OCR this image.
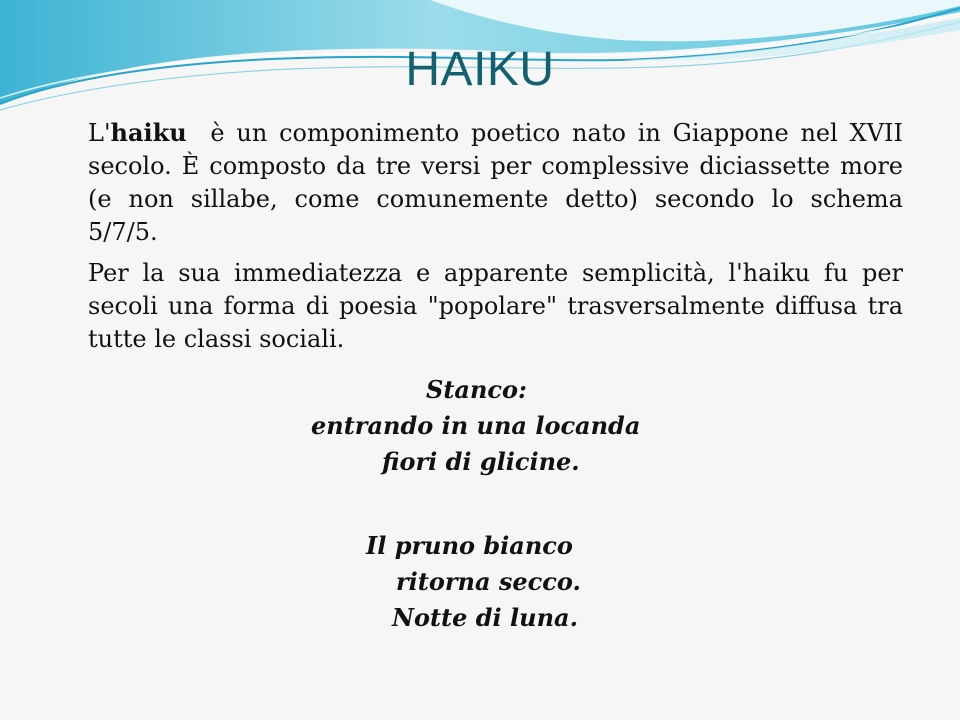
HAIKU

L'haiku  è un componimento poetico nato in Giappone nel XVII secolo. È composto da tre versi per complessive diciassette more  (e non sillabe, come comunemente detto) secondo lo schema 5/7/5.

Per la sua immediatezza e apparente semplicità, l'haiku fu per secoli una forma di poesia "popolare" trasversalmente diffusa tra tutte le classi sociali.

Stanco:
entrando in una locanda
fiori di glicine.
Il pruno bianco
ritorna secco.
Notte di luna.
